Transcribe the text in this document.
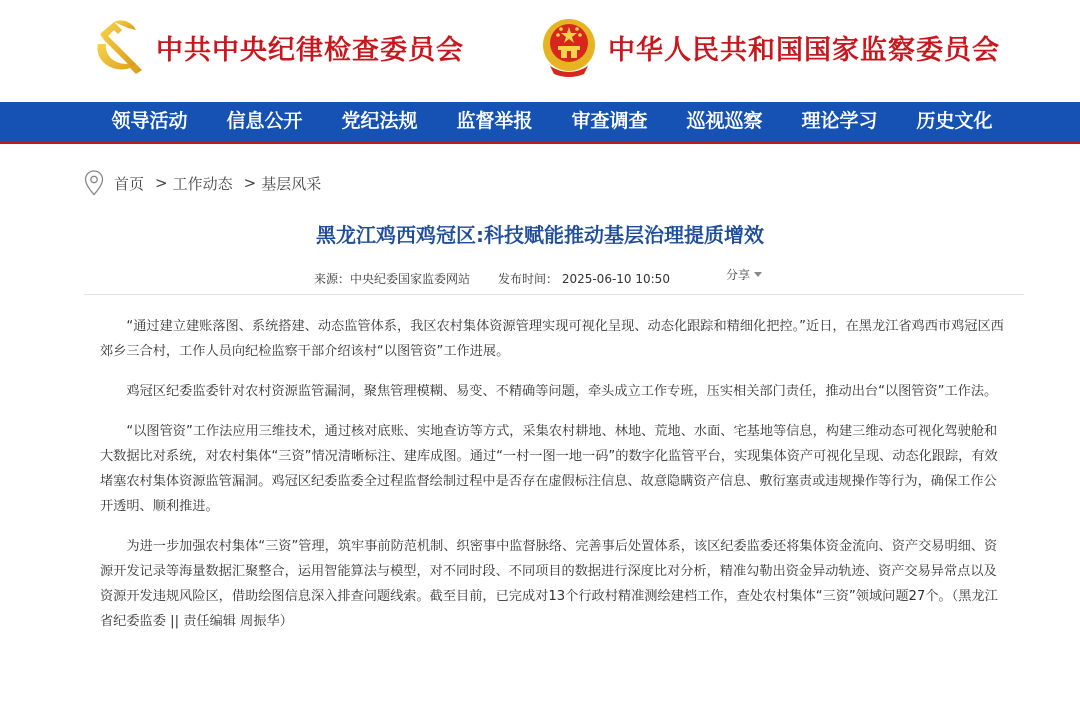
中共中央纪律检查委员会	中华人民共和国国家监察委员会
领导活动	信息公开	党纪法规	监督举报	审查调查	巡视巡察	理论学习	历史文化
首页 > 工作动态 > 基层风采
黑龙江鸡西鸡冠区:科技赋能推动基层治理提质增效
来源：中央纪委国家监委网站 发布时间： 2025-06-10 10:50	分享

“通过建立建账落图、系统搭建、动态监管体系，我区农村集体资源管理实现可视化呈现、动态化跟踪和精细化把控。”近日，在黑龙江省鸡西市鸡冠区西郊乡三合村，工作人员向纪检监察干部介绍该村“以图管资”工作进展。

鸡冠区纪委监委针对农村资源监管漏洞，聚焦管理模糊、易变、不精确等问题，牵头成立工作专班，压实相关部门责任，推动出台“以图管资”工作法。

“以图管资”工作法应用三维技术，通过核对底账、实地查访等方式，采集农村耕地、林地、荒地、水面、宅基地等信息，构建三维动态可视化驾驶舱和大数据比对系统，对农村集体“三资”情况清晰标注、建库成图。通过“一村一图一地一码”的数字化监管平台，实现集体资产可视化呈现、动态化跟踪，有效堵塞农村集体资源监管漏洞。鸡冠区纪委监委全过程监督绘制过程中是否存在虚假标注信息、故意隐瞒资产信息、敷衍塞责或违规操作等行为，确保工作公开透明、顺利推进。

为进一步加强农村集体“三资”管理，筑牢事前防范机制、织密事中监督脉络、完善事后处置体系，该区纪委监委还将集体资金流向、资产交易明细、资源开发记录等海量数据汇聚整合，运用智能算法与模型，对不同时段、不同项目的数据进行深度比对分析，精准勾勒出资金异动轨迹、资产交易异常点以及资源开发违规风险区，借助绘图信息深入排查问题线索。截至目前，已完成对13个行政村精准测绘建档工作，查处农村集体“三资”领域问题27个。（黑龙江省纪委监委 || 责任编辑 周振华）
